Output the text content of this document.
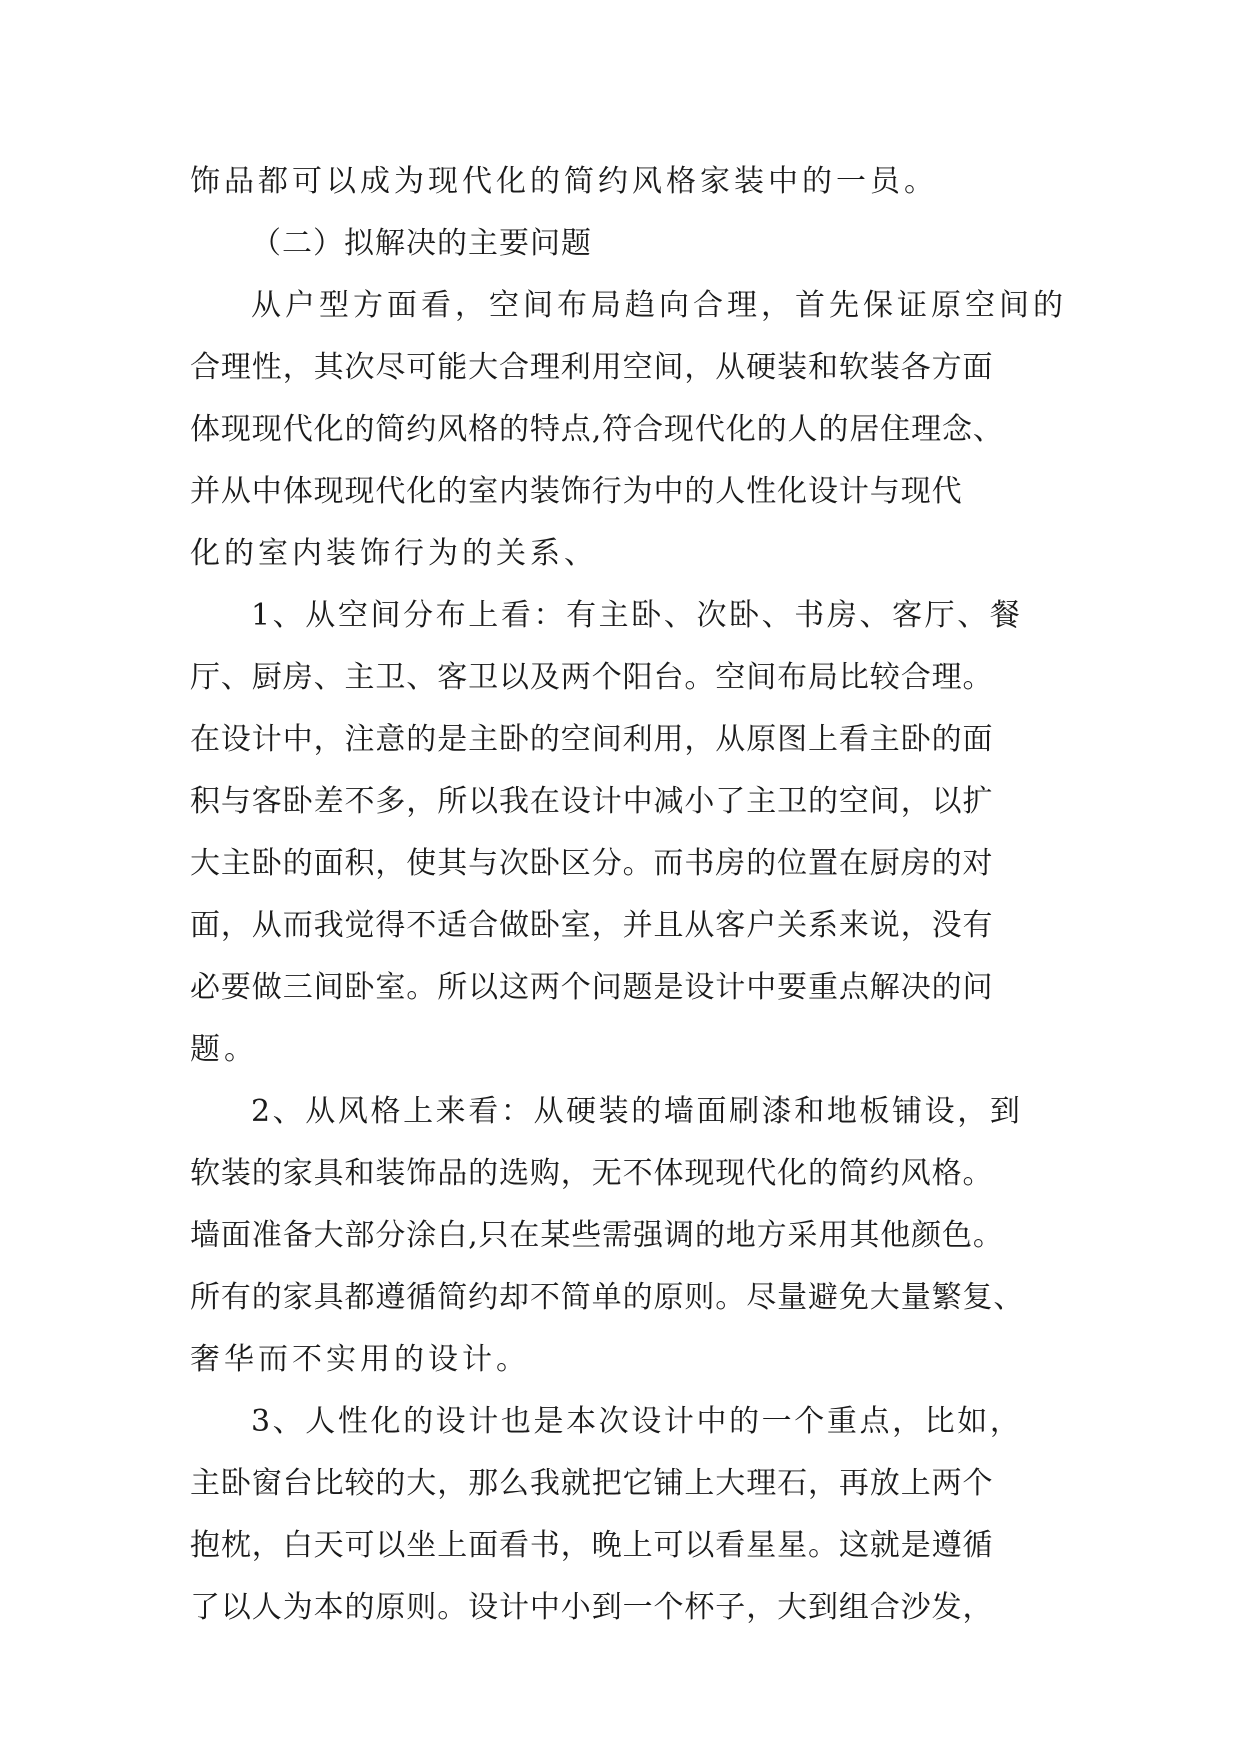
饰品都可以成为现代化的简约风格家装中的一员。
（二）拟解决的主要问题
从户型方面看，空间布局趋向合理，首先保证原空间的
合理性，其次尽可能大合理利用空间，从硬装和软装各方面
体现现代化的简约风格的特点,符合现代化的人的居住理念、
并从中体现现代化的室内装饰行为中的人性化设计与现代
化的室内装饰行为的关系、
1、从空间分布上看：有主卧、次卧、书房、客厅、餐
厅、厨房、主卫、客卫以及两个阳台。空间布局比较合理。
在设计中，注意的是主卧的空间利用，从原图上看主卧的面
积与客卧差不多，所以我在设计中减小了主卫的空间，以扩
大主卧的面积，使其与次卧区分。而书房的位置在厨房的对
面，从而我觉得不适合做卧室，并且从客户关系来说，没有
必要做三间卧室。所以这两个问题是设计中要重点解决的问
题。
2、从风格上来看：从硬装的墙面刷漆和地板铺设，到
软装的家具和装饰品的选购，无不体现现代化的简约风格。
墙面准备大部分涂白,只在某些需强调的地方采用其他颜色。
所有的家具都遵循简约却不简单的原则。尽量避免大量繁复、
奢华而不实用的设计。
3、人性化的设计也是本次设计中的一个重点，比如，
主卧窗台比较的大，那么我就把它铺上大理石，再放上两个
抱枕，白天可以坐上面看书，晚上可以看星星。这就是遵循
了以人为本的原则。设计中小到一个杯子，大到组合沙发，
